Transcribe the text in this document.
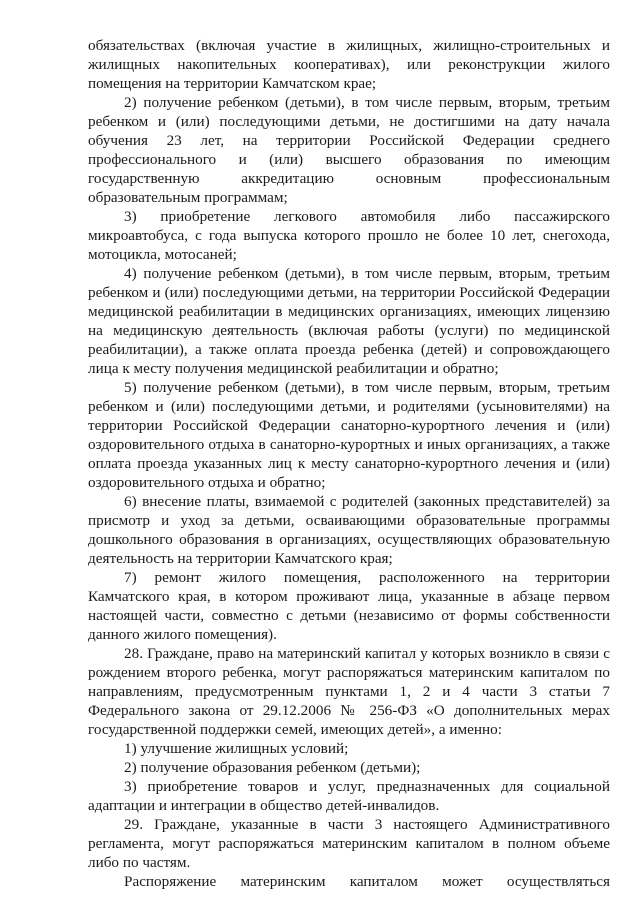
обязательствах (включая участие в жилищных, жилищно-строительных и жилищных накопительных кооперативах), или реконструкции жилого помещения на территории Камчатском крае;

2) получение ребенком (детьми), в том числе первым, вторым, третьим ребенком и (или) последующими детьми, не достигшими на дату начала обучения 23 лет, на территории Российской Федерации среднего профессионального и (или) высшего образования по имеющим государственную аккредитацию основным профессиональным образовательным программам;

3) приобретение легкового автомобиля либо пассажирского микроавтобуса, с года выпуска которого прошло не более 10 лет, снегохода, мотоцикла, мотосаней;

4) получение ребенком (детьми), в том числе первым, вторым, третьим ребенком и (или) последующими детьми, на территории Российской Федерации медицинской реабилитации в медицинских организациях, имеющих лицензию на медицинскую деятельность (включая работы (услуги) по медицинской реабилитации), а также оплата проезда ребенка (детей) и сопровождающего лица к месту получения медицинской реабилитации и обратно;

5) получение ребенком (детьми), в том числе первым, вторым, третьим ребенком и (или) последующими детьми, и родителями (усыновителями) на территории Российской Федерации санаторно-курортного лечения и (или) оздоровительного отдыха в санаторно-курортных и иных организациях, а также оплата проезда указанных лиц к месту санаторно-курортного лечения и (или) оздоровительного отдыха и обратно;

6) внесение платы, взимаемой с родителей (законных представителей) за присмотр и уход за детьми, осваивающими образовательные программы дошкольного образования в организациях, осуществляющих образовательную деятельность на территории Камчатского края;

7) ремонт жилого помещения, расположенного на территории Камчатского края, в котором проживают лица, указанные в абзаце первом настоящей части, совместно с детьми (независимо от формы собственности данного жилого помещения).

28. Граждане, право на материнский капитал у которых возникло в связи с рождением второго ребенка, могут распоряжаться материнским капиталом по направлениям, предусмотренным пунктами 1, 2 и 4 части 3 статьи 7 Федерального закона от 29.12.2006 № 256-ФЗ «О дополнительных мерах государственной поддержки семей, имеющих детей», а именно:

1) улучшение жилищных условий;

2) получение образования ребенком (детьми);

3) приобретение товаров и услуг, предназначенных для социальной адаптации и интеграции в общество детей-инвалидов.

29. Граждане, указанные в части 3 настоящего Административного регламента, могут распоряжаться материнским капиталом в полном объеме либо по частям.

Распоряжение материнским капиталом может осуществляться
